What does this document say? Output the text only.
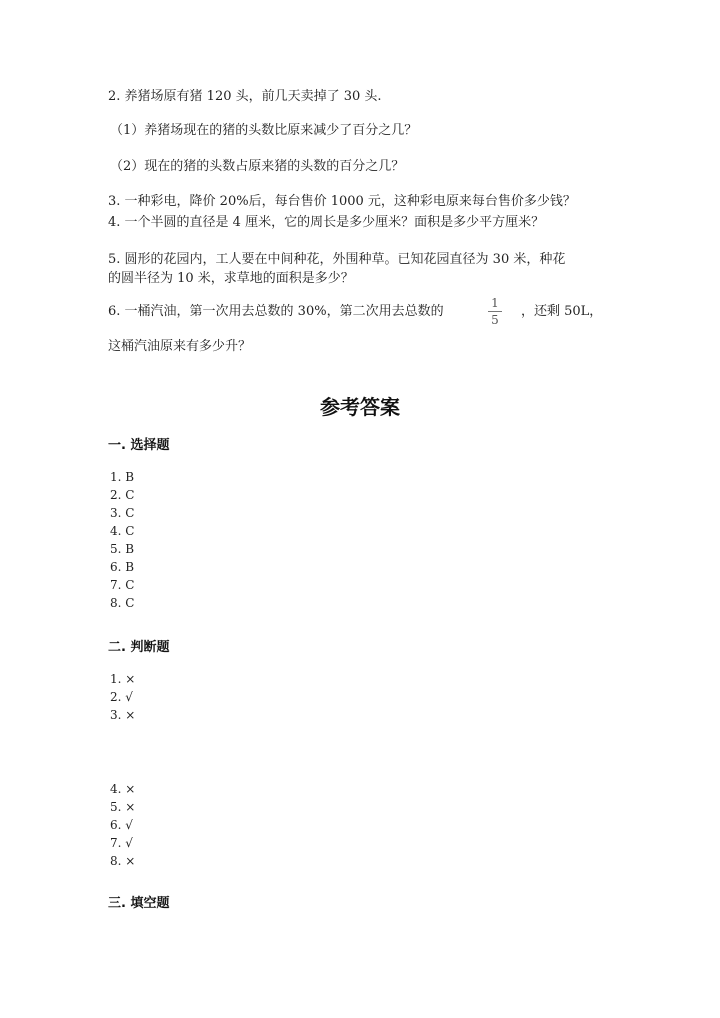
2. 养猪场原有猪 120 头，前几天卖掉了 30 头.
（1）养猪场现在的猪的头数比原来减少了百分之几？
（2）现在的猪的头数占原来猪的头数的百分之几？
3. 一种彩电，降价 20%后，每台售价 1000 元，这种彩电原来每台售价多少钱？
4. 一个半圆的直径是 4 厘米，它的周长是多少厘米？面积是多少平方厘米？
5. 圆形的花园内，工人要在中间种花，外围种草。已知花园直径为 30 米，种花
的圆半径为 10 米，求草地的面积是多少？
6. 一桶汽油，第一次用去总数的 30%，第二次用去总数的
1
5
，还剩 50L，
这桶汽油原来有多少升？
参考答案
一. 选择题
1. B
2. C
3. C
4. C
5. B
6. B
7. C
8. C
二. 判断题
1. ×
2. √
3. ×
4. ×
5. ×
6. √
7. √
8. ×
三. 填空题
